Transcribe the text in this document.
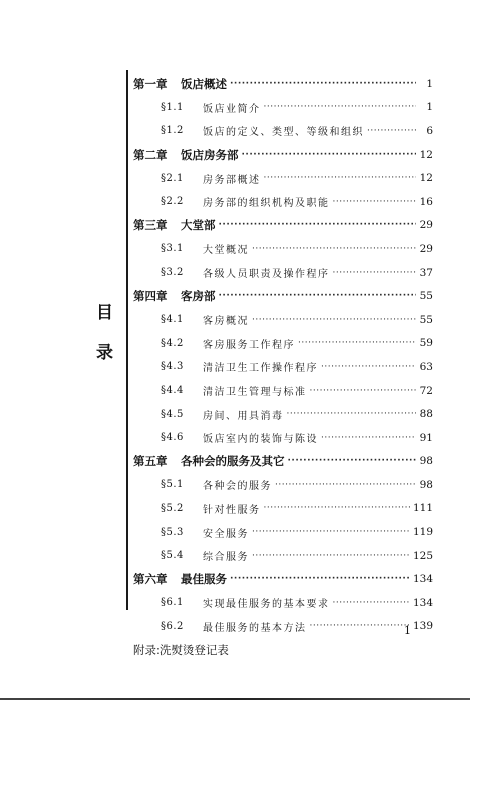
目
录
第一章	饭店概述 ·····	1
§1.1	饭店业简介 ·····	1
§1.2	饭店的定义、类型、等级和组织 ·····	6
第二章	饭店房务部 ·····	12
§2.1	房务部概述 ·····	12
§2.2	房务部的组织机构及职能 ·····	16
第三章	大堂部 ·····	29
§3.1	大堂概况 ·····	29
§3.2	各级人员职责及操作程序 ·····	37
第四章	客房部 ·····	55
§4.1	客房概况 ·····	55
§4.2	客房服务工作程序 ·····	59
§4.3	清洁卫生工作操作程序 ·····	63
§4.4	清洁卫生管理与标准 ·····	72
§4.5	房间、用具消毒 ·····	88
§4.6	饭店室内的装饰与陈设 ·····	91
第五章	各种会的服务及其它 ·····	98
§5.1	各种会的服务 ·····	98
§5.2	针对性服务 ·····	111
§5.3	安全服务 ·····	119
§5.4	综合服务 ·····	125
第六章	最佳服务 ·····	134
§6.1	实现最佳服务的基本要求 ·····	134
§6.2	最佳服务的基本方法 ·····	139
附录:洗熨烫登记表
1
